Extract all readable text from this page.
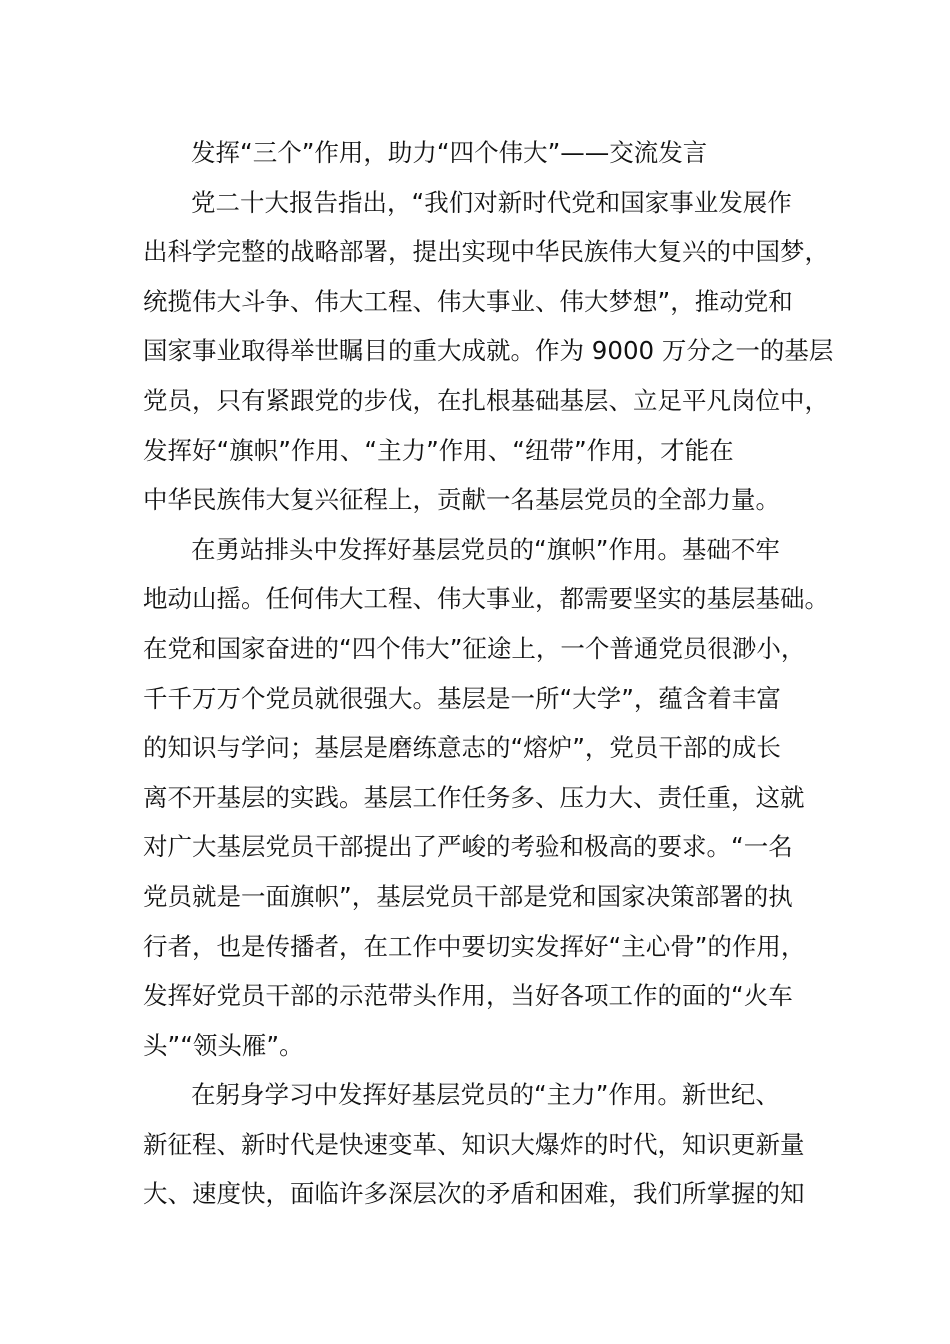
发挥“三个”作用，助力“四个伟大”——交流发言
党二十大报告指出，“我们对新时代党和国家事业发展作
出科学完整的战略部署，提出实现中华民族伟大复兴的中国梦，
统揽伟大斗争、伟大工程、伟大事业、伟大梦想”，推动党和
国家事业取得举世瞩目的重大成就。作为 9000 万分之一的基层
党员，只有紧跟党的步伐，在扎根基础基层、立足平凡岗位中，
发挥好“旗帜”作用、“主力”作用、“纽带”作用，才能在
中华民族伟大复兴征程上，贡献一名基层党员的全部力量。
在勇站排头中发挥好基层党员的“旗帜”作用。基础不牢
地动山摇。任何伟大工程、伟大事业，都需要坚实的基层基础。
在党和国家奋进的“四个伟大”征途上，一个普通党员很渺小，
千千万万个党员就很强大。基层是一所“大学”，蕴含着丰富
的知识与学问；基层是磨练意志的“熔炉”，党员干部的成长
离不开基层的实践。基层工作任务多、压力大、责任重，这就
对广大基层党员干部提出了严峻的考验和极高的要求。“一名
党员就是一面旗帜”，基层党员干部是党和国家决策部署的执
行者，也是传播者，在工作中要切实发挥好“主心骨”的作用，
发挥好党员干部的示范带头作用，当好各项工作的面的“火车
头”“领头雁”。
在躬身学习中发挥好基层党员的“主力”作用。新世纪、
新征程、新时代是快速变革、知识大爆炸的时代，知识更新量
大、速度快，面临许多深层次的矛盾和困难，我们所掌握的知
